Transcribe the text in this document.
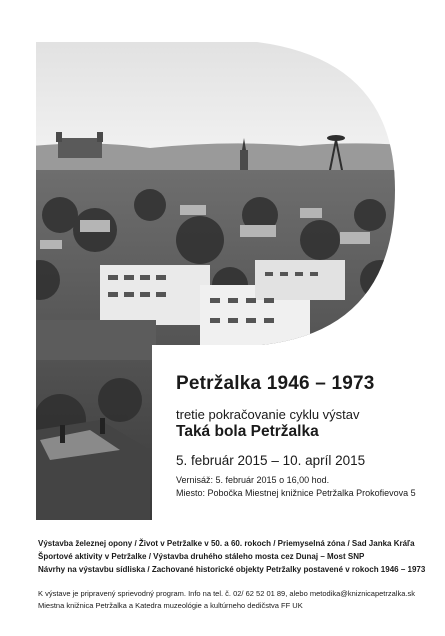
Petržalka 1946 – 1973
tretie pokračovanie cyklu výstav
Taká bola Petržalka
5. február 2015 – 10. apríl 2015
Vernisáž: 5. február 2015 o 16,00 hod.
Miesto: Pobočka Miestnej knižnice Petržalka Prokofievova 5
Výstavba železnej opony / Život v Petržalke v 50. a 60. rokoch / Priemyselná zóna / Sad Janka Kráľa
Športové aktivity v Petržalke / Výstavba druhého stáleho mosta cez Dunaj – Most SNP
Návrhy na výstavbu sídliska / Zachované historické objekty Petržalky postavené v rokoch 1946 – 1973
K výstave je pripravený sprievodný program. Info na tel. č. 02/ 62 52 01 89, alebo metodika@kniznicapetrzalka.sk
Miestna knižnica Petržalka a Katedra muzeológie a kultúrneho dedičstva FF UK
